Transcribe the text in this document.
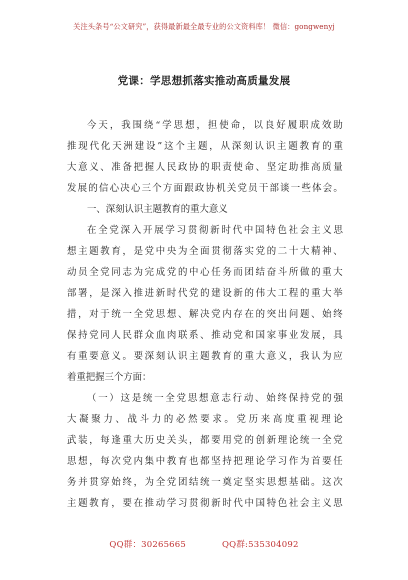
关注头条号“公文研究”，获得最新最全最专业的公文资料库！ 微信：gongwenyj
党课：学思想抓落实推动高质量发展
今 天 ， 我 围 绕 “ 学 思 想 ， 担 使 命 ， 以 良 好 履 职 成 效 助
推 现 代 化 天 洲 建 设 ” 这 个 主 题 ， 从 深 刻 认 识 主 题 教 育 的 重
大 意 义 、 准 备 把 握 人 民 政 协 的 职 责 使 命 、 坚 定 助 推 高 质 量
发 展 的 信 心 决 心 三 个 方 面 跟 政 协 机 关 党 员 干 部 谈 一 些 体 会 。
一、深刻认识主题教育的重大意义
在 全 党 深 入 开 展 学 习 贯 彻 新 时 代 中 国 特 色 社 会 主 义 思
想 主 题 教 育 ， 是 党 中 央 为 全 面 贯 彻 落 实 党 的 二 十 大 精 神 、
动 员 全 党 同 志 为 完 成 党 的 中 心 任 务 而 团 结 奋 斗 所 做 的 重 大
部 署 ， 是 深 入 推 进 新 时 代 党 的 建 设 新 的 伟 大 工 程 的 重 大 举
措 ， 对 于 统 一 全 党 思 想 、 解 决 党 内 存 在 的 突 出 问 题 、 始 终
保 持 党 同 人 民 群 众 血 肉 联 系 、 推 动 党 和 国 家 事 业 发 展 ， 具
有 重 要 意 义 。 要 深 刻 认 识 主 题 教 育 的 重 大 意 义 ， 我 认 为 应
着重把握三个方面：
（ 一 ） 这 是 统 一 全 党 思 想 意 志 行 动 、 始 终 保 持 党 的 强
大 凝 聚 力 、 战 斗 力 的 必 然 要 求 。 党 历 来 高 度 重 视 理 论
武 装 ， 每 逢 重 大 历 史 关 头 ， 都 要 用 党 的 创 新 理 论 统 一 全 党
思 想 ， 每 次 党 内 集 中 教 育 也 都 坚 持 把 理 论 学 习 作 为 首 要 任
务 并 贯 穿 始 终 ， 为 全 党 团 结 统 一 奠 定 坚 实 思 想 基 础 。 这 次
主 题 教 育 ， 要 在 推 动 学 习 贯 彻 新 时 代 中 国 特 色 社 会 主 义 思
QQ群：30265665	QQ群:535304092
